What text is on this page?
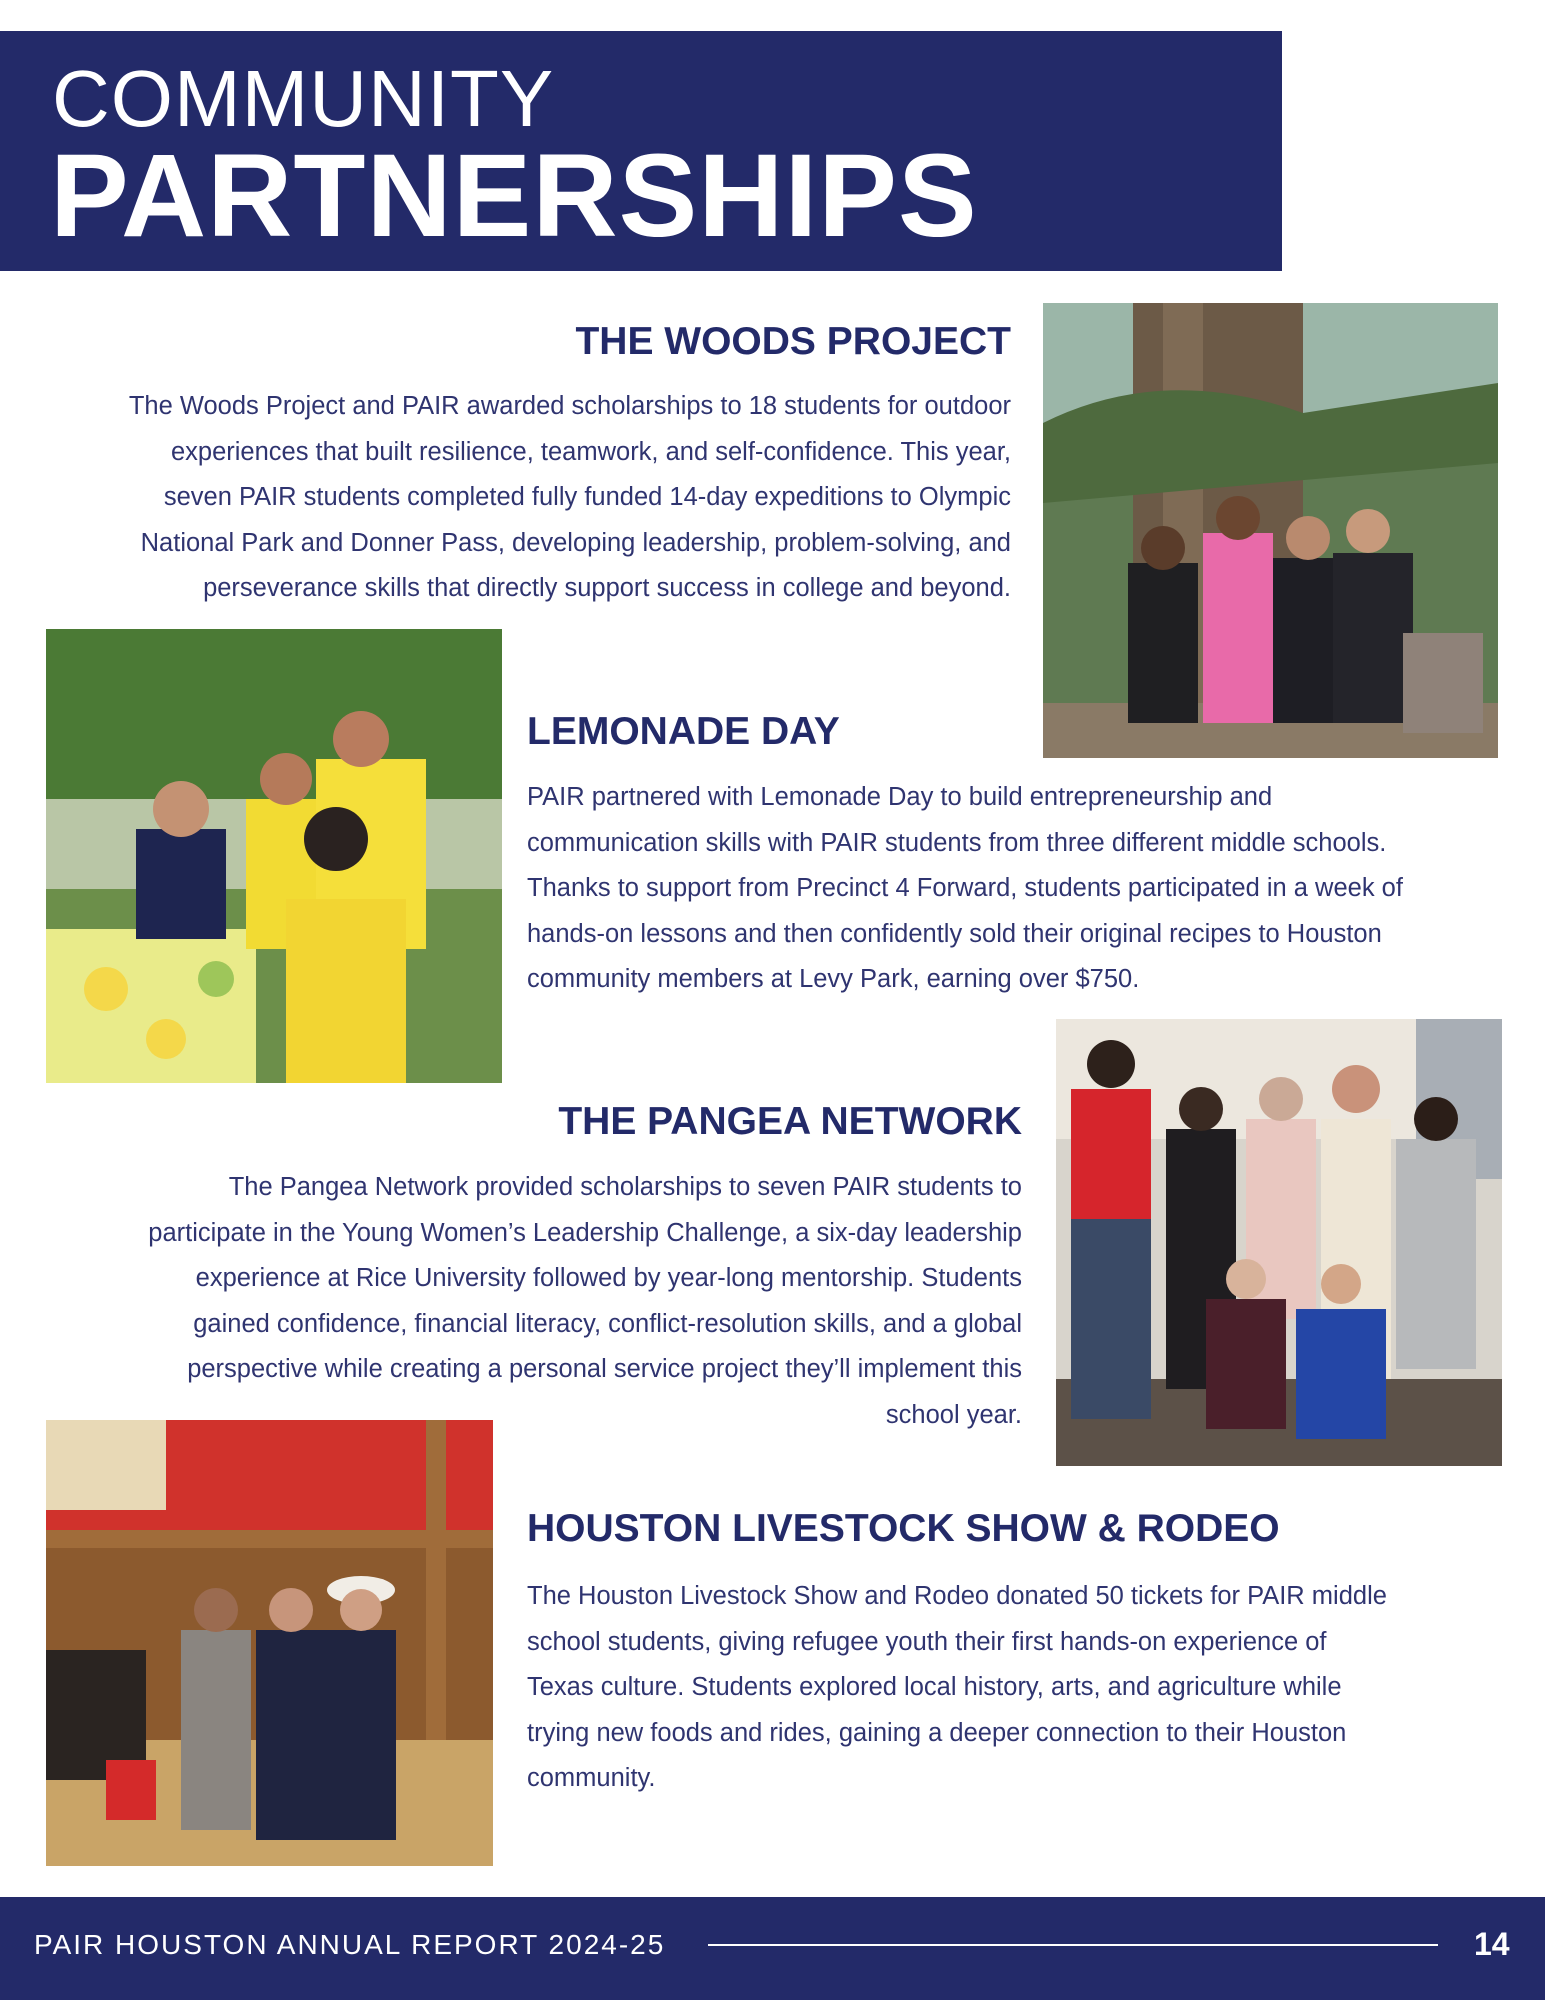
COMMUNITY
PARTNERSHIPS
THE WOODS PROJECT
The Woods Project and PAIR awarded scholarships to 18 students for outdoor
experiences that built resilience, teamwork, and self-confidence. This year,
seven PAIR students completed fully funded 14-day expeditions to Olympic
National Park and Donner Pass, developing leadership, problem-solving, and
perseverance skills that directly support success in college and beyond.
LEMONADE DAY
PAIR partnered with Lemonade Day to build entrepreneurship and
communication skills with PAIR students from three different middle schools.
Thanks to support from Precinct 4 Forward, students participated in a week of
hands-on lessons and then confidently sold their original recipes to Houston
community members at Levy Park, earning over $750.
THE PANGEA NETWORK
The Pangea Network provided scholarships to seven PAIR students to
participate in the Young Women’s Leadership Challenge, a six-day leadership
experience at Rice University followed by year-long mentorship. Students
gained confidence, financial literacy, conflict-resolution skills, and a global
perspective while creating a personal service project they’ll implement this
school year.
HOUSTON LIVESTOCK SHOW & RODEO
The Houston Livestock Show and Rodeo donated 50 tickets for PAIR middle
school students, giving refugee youth their first hands-on experience of
Texas culture. Students explored local history, arts, and agriculture while
trying new foods and rides, gaining a deeper connection to their Houston
community.
PAIR HOUSTON ANNUAL REPORT 2024-25	14
